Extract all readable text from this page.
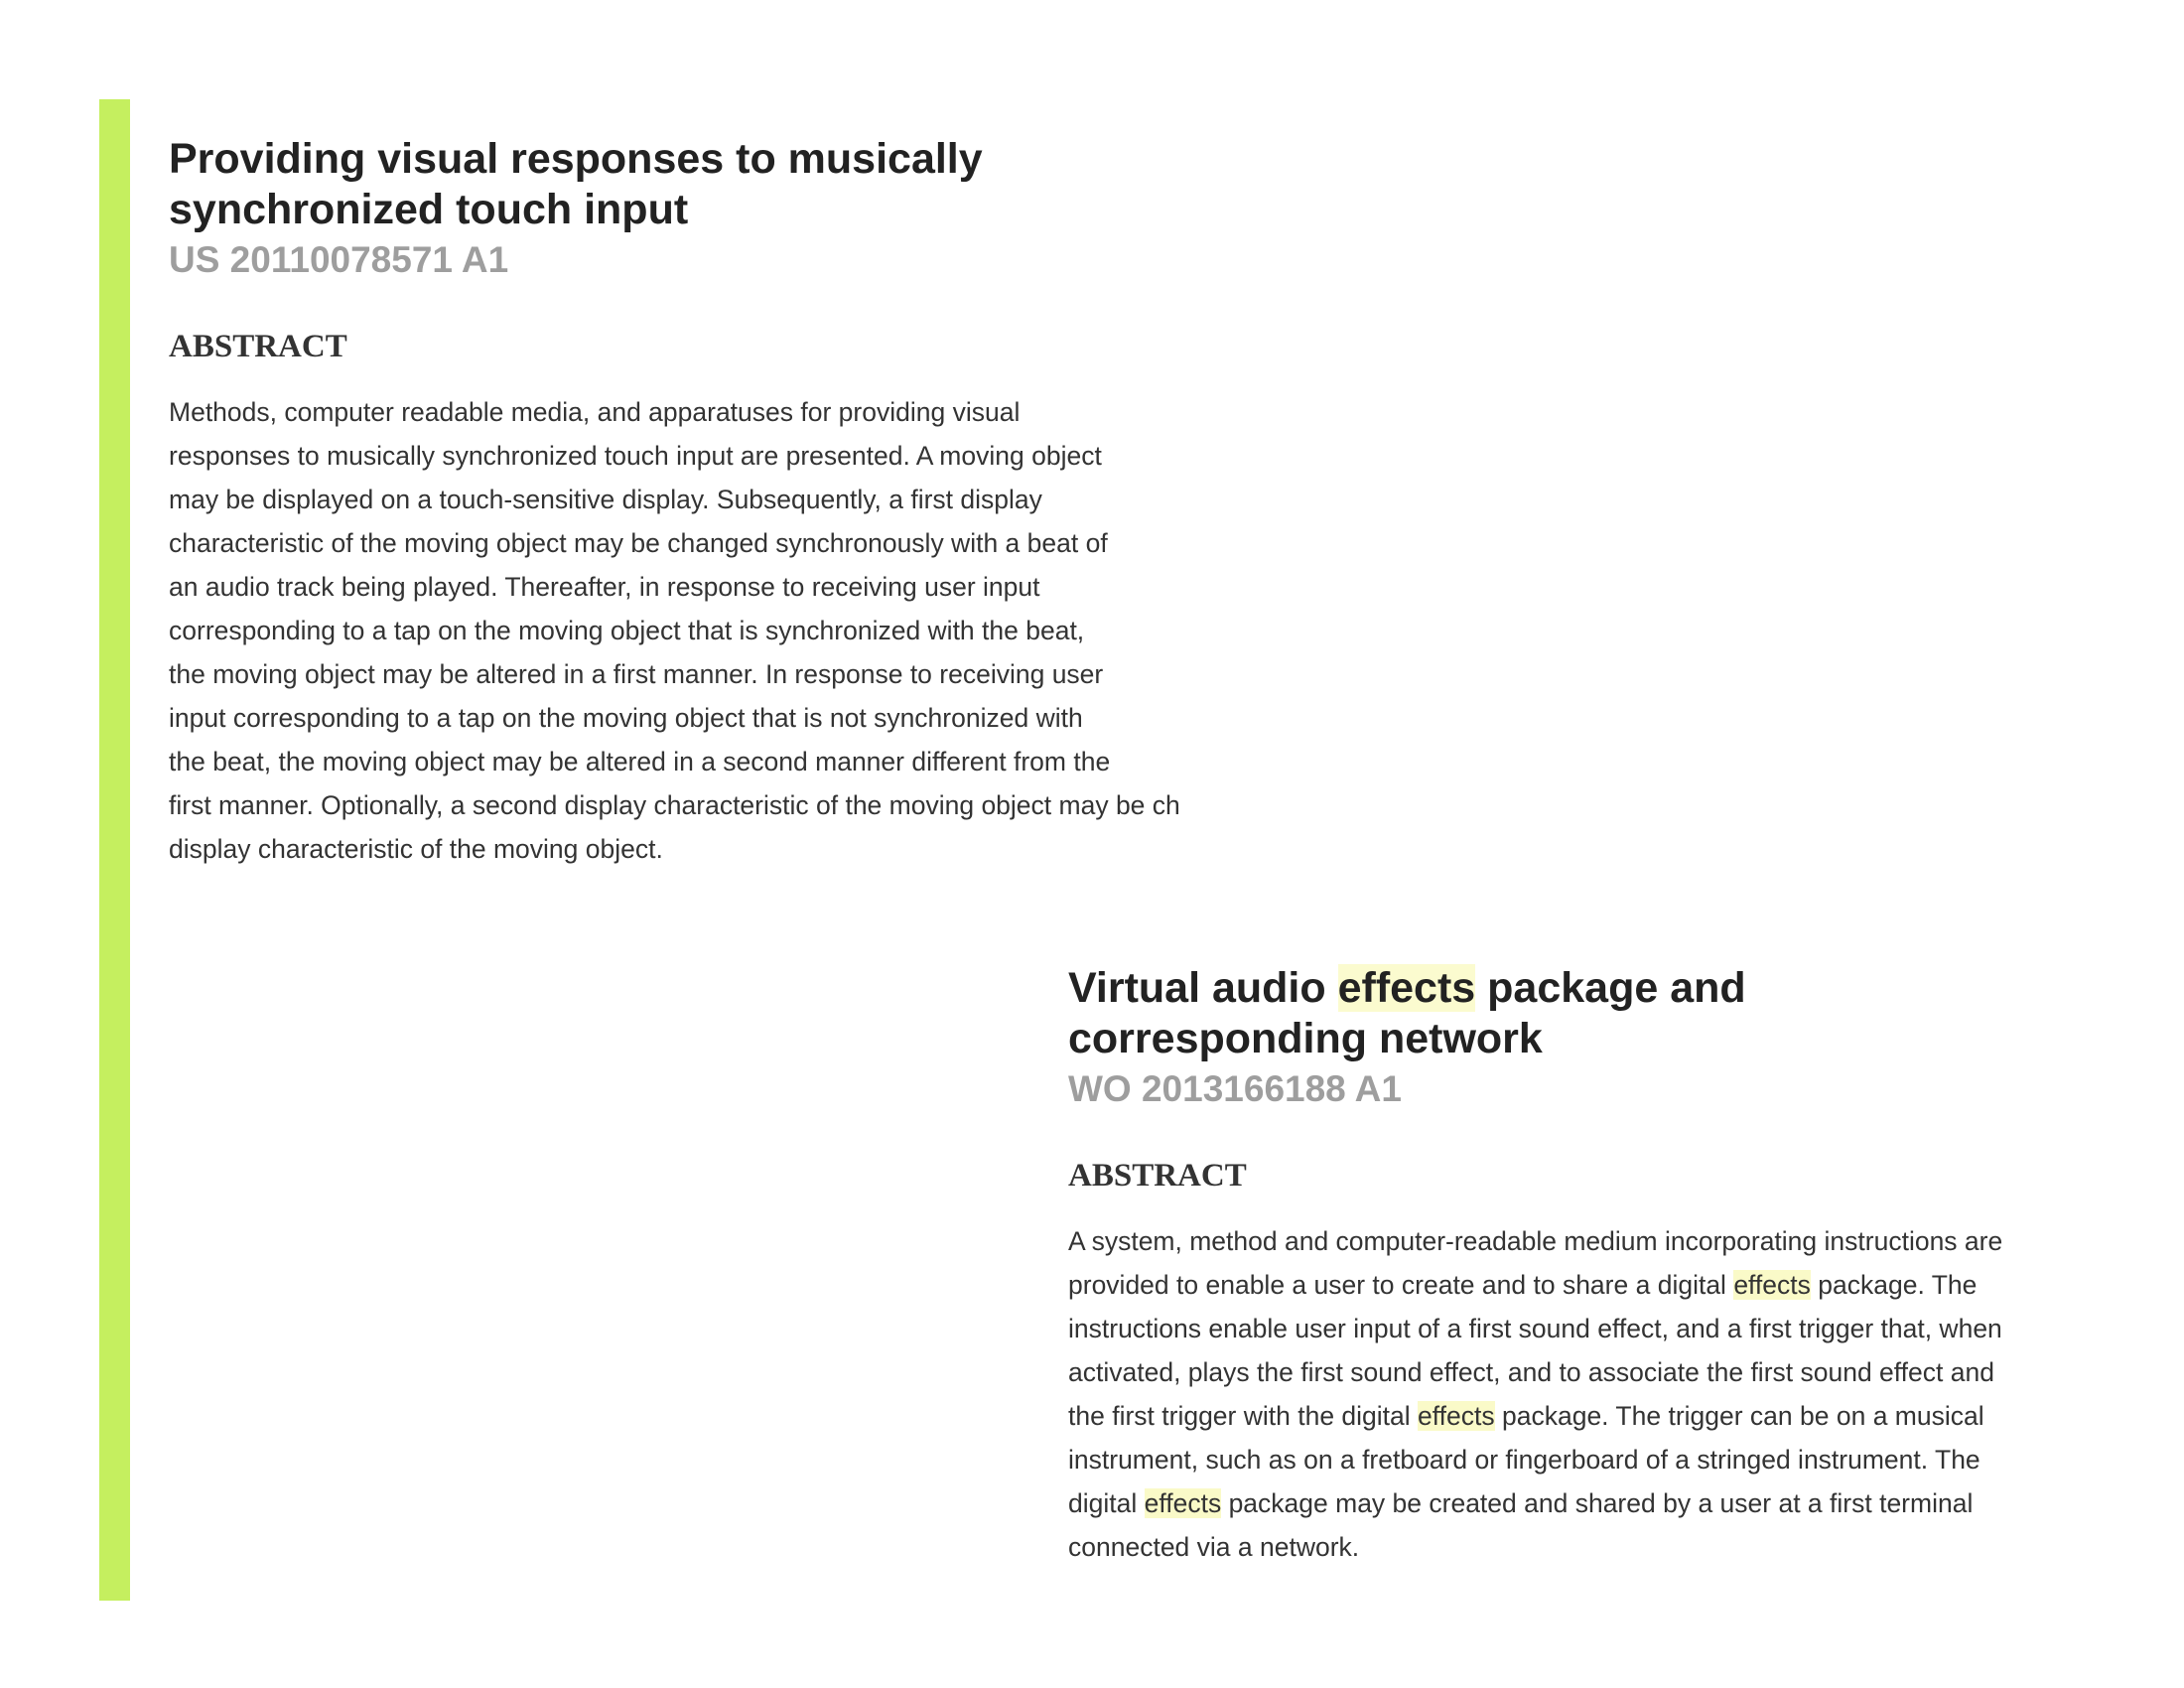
Providing visual responses to musically
synchronized touch input
US 20110078571 A1
ABSTRACT
Methods, computer readable media, and apparatuses for providing visual
responses to musically synchronized touch input are presented. A moving object
may be displayed on a touch-sensitive display. Subsequently, a first display
characteristic of the moving object may be changed synchronously with a beat of
an audio track being played. Thereafter, in response to receiving user input
corresponding to a tap on the moving object that is synchronized with the beat,
the moving object may be altered in a first manner. In response to receiving user
input corresponding to a tap on the moving object that is not synchronized with
the beat, the moving object may be altered in a second manner different from the
first manner. Optionally, a second display characteristic of the moving object may be ch
display characteristic of the moving object.
Virtual audio effects package and
corresponding network
WO 2013166188 A1
ABSTRACT
A system, method and computer-readable medium incorporating instructions are
provided to enable a user to create and to share a digital effects package. The
instructions enable user input of a first sound effect, and a first trigger that, when
activated, plays the first sound effect, and to associate the first sound effect and
the first trigger with the digital effects package. The trigger can be on a musical
instrument, such as on a fretboard or fingerboard of a stringed instrument. The
digital effects package may be created and shared by a user at a first terminal
connected via a network.
